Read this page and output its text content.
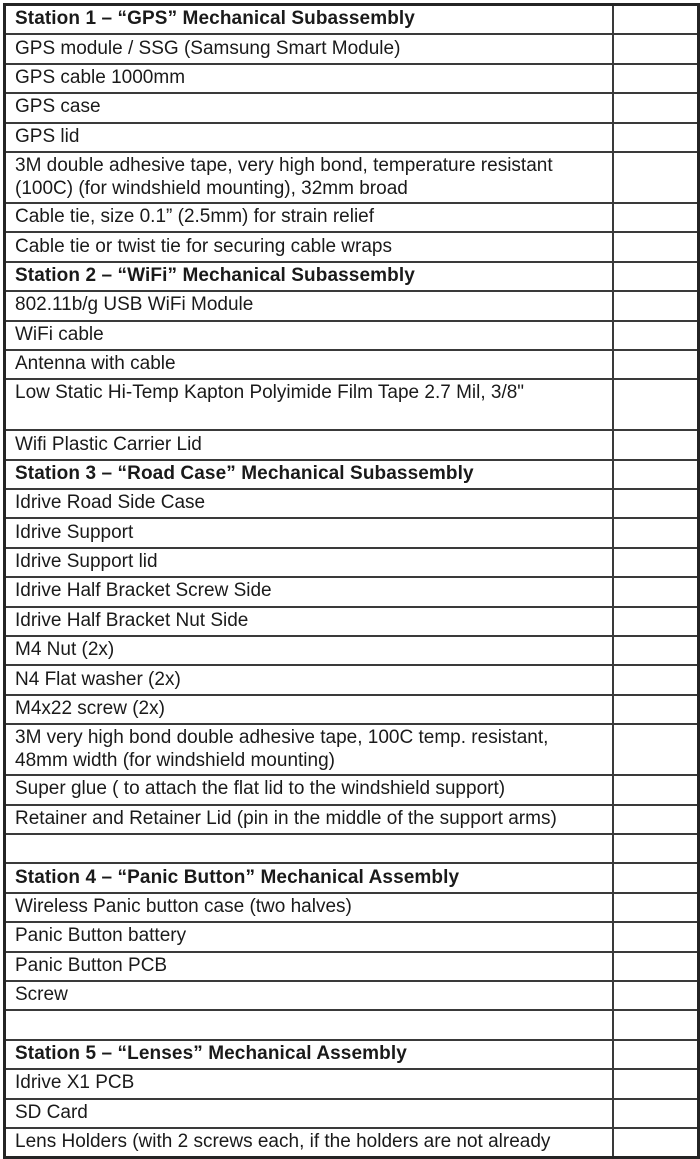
Station 1 – “GPS” Mechanical Subassembly	
GPS module / SSG (Samsung Smart Module)	
GPS cable 1000mm	
GPS case	
GPS lid	
3M double adhesive tape, very high bond, temperature resistant (100C) (for windshield mounting), 32mm broad	
Cable tie, size 0.1” (2.5mm) for strain relief	
Cable tie or twist tie for securing cable wraps	
Station 2 – “WiFi” Mechanical Subassembly	
802.11b/g USB WiFi Module	
WiFi cable	
Antenna with cable	
Low Static Hi-Temp Kapton Polyimide Film Tape 2.7 Mil, 3/8"	
Wifi Plastic Carrier Lid	
Station 3 – “Road Case” Mechanical Subassembly	
Idrive Road Side Case	
Idrive Support	
Idrive Support lid	
Idrive Half Bracket Screw Side	
Idrive Half Bracket Nut Side	
M4 Nut (2x)	
N4 Flat washer (2x)	
M4x22 screw (2x)	
3M very high bond double adhesive tape, 100C temp. resistant, 48mm width (for windshield mounting)	
Super glue ( to attach the flat lid to the windshield support)	
Retainer and Retainer Lid (pin in the middle of the support arms)	

Station 4 – “Panic Button” Mechanical Assembly	
Wireless Panic button case (two halves)	
Panic Button battery	
Panic Button PCB	
Screw	

Station 5 – “Lenses” Mechanical Assembly	
Idrive X1 PCB	
SD Card	
Lens Holders (with 2 screws each, if the holders are not already	
